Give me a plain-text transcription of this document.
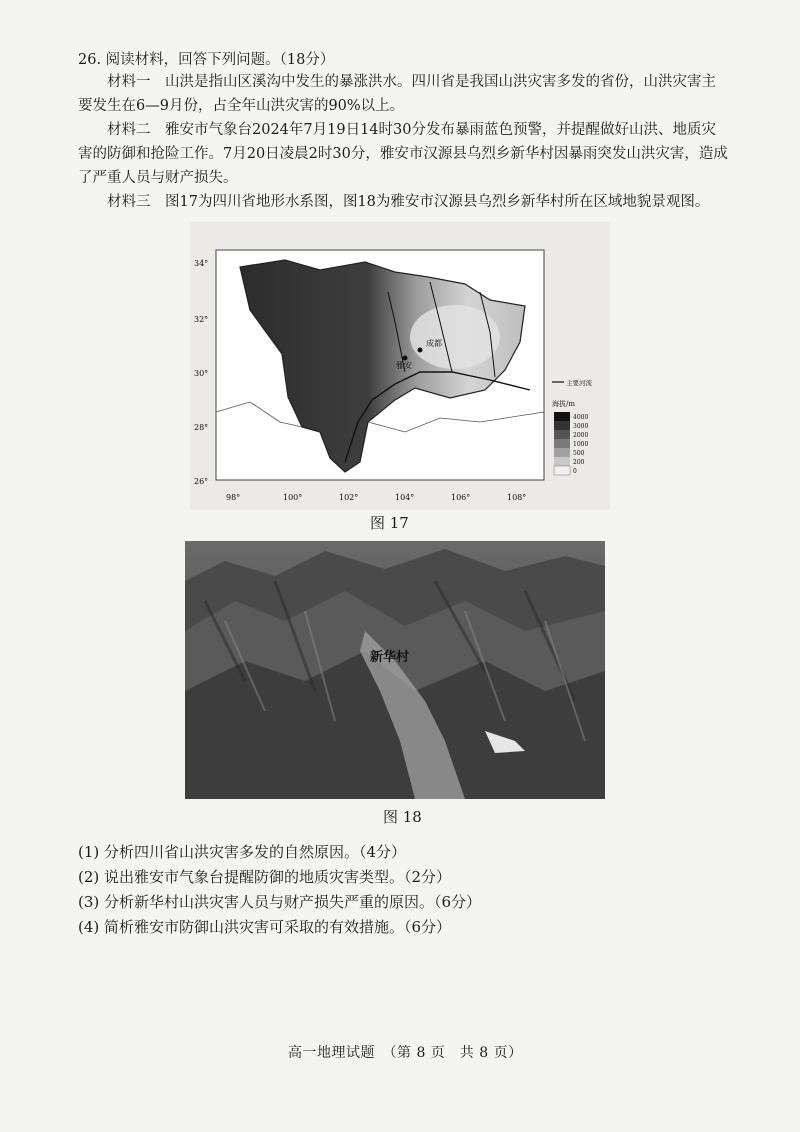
26. 阅读材料，回答下列问题。（18分）
材料一　山洪是指山区溪沟中发生的暴涨洪水。四川省是我国山洪灾害多发的省份，山洪灾害主要发生在6—9月份，占全年山洪灾害的90%以上。
材料二　雅安市气象台2024年7月19日14时30分发布暴雨蓝色预警，并提醒做好山洪、地质灾害的防御和抢险工作。7月20日凌晨2时30分，雅安市汉源县乌烈乡新华村因暴雨突发山洪灾害，造成了严重人员与财产损失。
材料三　图17为四川省地形水系图，图18为雅安市汉源县乌烈乡新华村所在区域地貌景观图。
成都
雅安
34°
32°
30°
28°
26°
98°	100°	102°	104°	106°	108°
主要河流
海拔/m
4000
3000
2000
1000
500
200
0
图 17
新华村
图 18
(1) 分析四川省山洪灾害多发的自然原因。（4分）
(2) 说出雅安市气象台提醒防御的地质灾害类型。（2分）
(3) 分析新华村山洪灾害人员与财产损失严重的原因。（6分）
(4) 简析雅安市防御山洪灾害可采取的有效措施。（6分）
高一地理试题　（第 8 页　共 8 页）
